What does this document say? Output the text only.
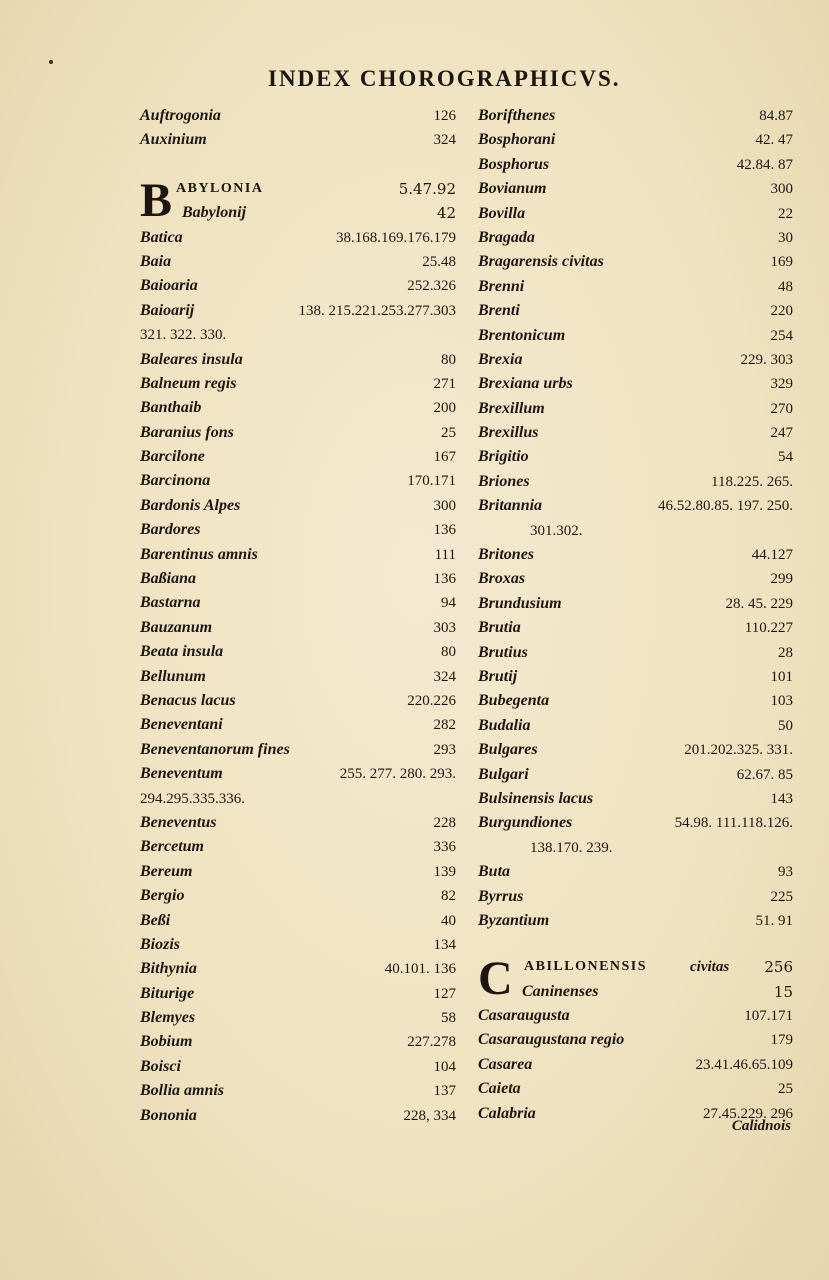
INDEX CHOROGRAPHICVS.
Auftrogonia	126
Auxinium	324
B ABYLONIA	5.47.92
Babylonij	42
Batica	38.168.169.176.179
Baia	25.48
Baioaria	252.326
Baioarij	138. 215.221.253.277.303
321. 322. 330.
Baleares insula	80
Balneum regis	271
Banthaib	200
Baranius fons	25
Barcilone	167
Barcinona	170.171
Bardonis Alpes	300
Bardores	136
Barentinus amnis	111
Baßiana	136
Bastarna	94
Bauzanum	303
Beata insula	80
Bellunum	324
Benacus lacus	220.226
Beneventani	282
Beneventanorum fines	293
Beneventum	255. 277. 280. 293.
294.295.335.336.
Beneventus	228
Bercetum	336
Bereum	139
Bergio	82
Beßi	40
Biozis	134
Bithynia	40.101. 136
Biturige	127
Blemyes	58
Bobium	227.278
Boisci	104
Bollia amnis	137
Bononia	228, 334
Borifthenes	84.87
Bosphorani	42. 47
Bosphorus	42.84. 87
Bovianum	300
Bovilla	22
Bragada	30
Bragarensis civitas	169
Brenni	48
Brenti	220
Brentonicum	254
Brexia	229. 303
Brexiana urbs	329
Brexillum	270
Brexillus	247
Brigitio	54
Briones	118.225. 265.
Britannia	46.52.80.85. 197. 250.
301.302.
Britones	44.127
Broxas	299
Brundusium	28. 45. 229
Brutia	110.227
Brutius	28
Brutij	101
Bubegenta	103
Budalia	50
Bulgares	201.202.325. 331.
Bulgari	62.67. 85
Bulsinensis lacus	143
Burgundiones	54.98. 111.118.126.
138.170. 239.
Buta	93
Byrrus	225
Byzantium	51. 91
C ABILLONENSIS	civitas 256
Caninenses	15
Casaraugusta	107.171
Casaraugustana regio	179
Casarea	23.41.46.65.109
Caieta	25
Calabria	27.45.229. 296
Calidnois
